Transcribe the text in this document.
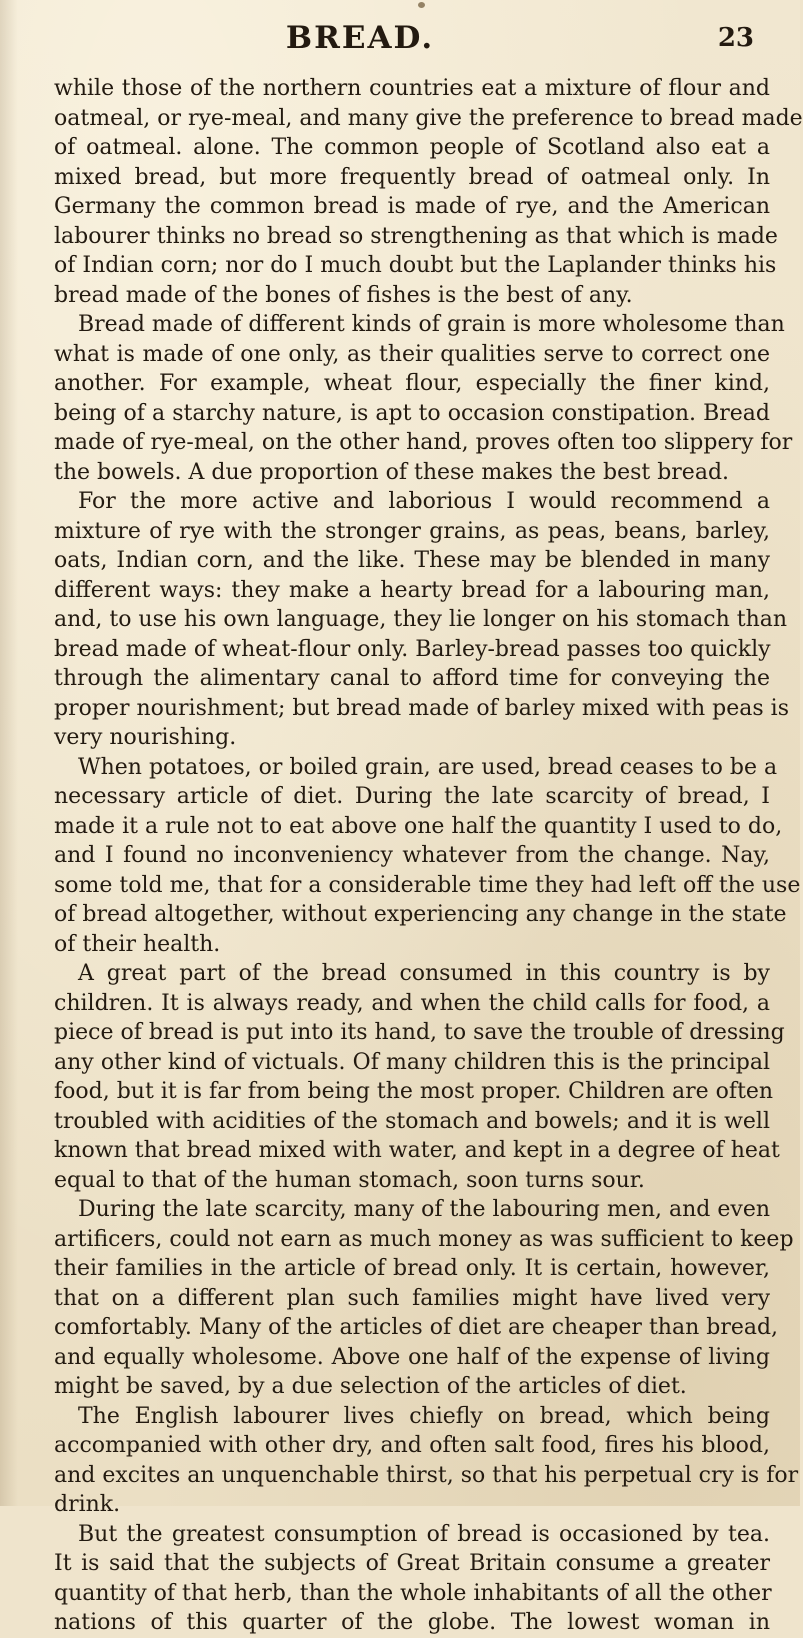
BREAD.	23
while those of the northern countries eat a mixture of flour and
oatmeal, or rye-meal, and many give the preference to bread made
of oatmeal. alone. The common people of Scotland also eat a
mixed bread, but more frequently bread of oatmeal only. In
Germany the common bread is made of rye, and the American
labourer thinks no bread so strengthening as that which is made
of Indian corn; nor do I much doubt but the Laplander thinks his
bread made of the bones of fishes is the best of any.
Bread made of different kinds of grain is more wholesome than
what is made of one only, as their qualities serve to correct one
another. For example, wheat flour, especially the finer kind,
being of a starchy nature, is apt to occasion constipation. Bread
made of rye-meal, on the other hand, proves often too slippery for
the bowels. A due proportion of these makes the best bread.
For the more active and laborious I would recommend a
mixture of rye with the stronger grains, as peas, beans, barley,
oats, Indian corn, and the like. These may be blended in many
different ways: they make a hearty bread for a labouring man,
and, to use his own language, they lie longer on his stomach than
bread made of wheat-flour only. Barley-bread passes too quickly
through the alimentary canal to afford time for conveying the
proper nourishment; but bread made of barley mixed with peas is
very nourishing.
When potatoes, or boiled grain, are used, bread ceases to be a
necessary article of diet. During the late scarcity of bread, I
made it a rule not to eat above one half the quantity I used to do,
and I found no inconveniency whatever from the change. Nay,
some told me, that for a considerable time they had left off the use
of bread altogether, without experiencing any change in the state
of their health.
A great part of the bread consumed in this country is by
children. It is always ready, and when the child calls for food, a
piece of bread is put into its hand, to save the trouble of dressing
any other kind of victuals. Of many children this is the principal
food, but it is far from being the most proper. Children are often
troubled with acidities of the stomach and bowels; and it is well
known that bread mixed with water, and kept in a degree of heat
equal to that of the human stomach, soon turns sour.
During the late scarcity, many of the labouring men, and even
artificers, could not earn as much money as was sufficient to keep
their families in the article of bread only. It is certain, however,
that on a different plan such families might have lived very
comfortably. Many of the articles of diet are cheaper than bread,
and equally wholesome. Above one half of the expense of living
might be saved, by a due selection of the articles of diet.
The English labourer lives chiefly on bread, which being
accompanied with other dry, and often salt food, fires his blood,
and excites an unquenchable thirst, so that his perpetual cry is for
drink.
But the greatest consumption of bread is occasioned by tea.
It is said that the subjects of Great Britain consume a greater
quantity of that herb, than the whole inhabitants of all the other
nations of this quarter of the globe. The lowest woman in
